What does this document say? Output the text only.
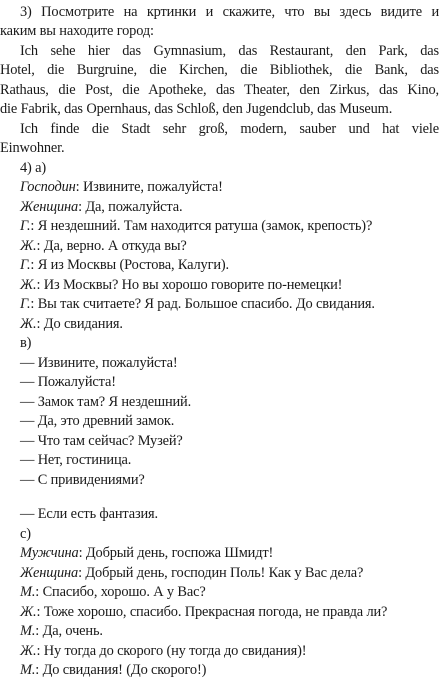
3) Посмотрите на кртинки и скажите, что вы здесь видите и
каким вы находите город:
Ich sehe hier das Gymnasium, das Restaurant, den Park, das
Hotel, die Burgruine, die Kirchen, die Bibliothek, die Bank, das
Rathaus, die Post, die Apotheke, das Theater, den Zirkus, das Kino,
die Fabrik, das Opernhaus, das Schloß, den Jugendclub, das Museum.
Ich finde die Stadt sehr groß, modern, sauber und hat viele
Einwohner.
4) а)
Господин: Извините, пожалуйста!
Женщина: Да, пожалуйста.
Г.: Я нездешний. Там находится ратуша (замок, крепость)?
Ж.: Да, верно. А откуда вы?
Г.: Я из Москвы (Ростова, Калуги).
Ж.: Из Москвы? Но вы хорошо говорите по-немецки!
Г.: Вы так считаете? Я рад. Большое спасибо. До свидания.
Ж.: До свидания.
в)
— Извините, пожалуйста!
— Пожалуйста!
— Замок там? Я нездешний.
— Да, это древний замок.
— Что там сейчас? Музей?
— Нет, гостиница.
— С привидениями?
— Если есть фантазия.
с)
Мужчина: Добрый день, госпожа Шмидт!
Женщина: Добрый день, господин Поль! Как у Вас дела?
М.: Спасибо, хорошо. А у Вас?
Ж.: Тоже хорошо, спасибо. Прекрасная погода, не правда ли?
М.: Да, очень.
Ж.: Ну тогда до скорого (ну тогда до свидания)!
М.: До свидания! (До скорого!)
